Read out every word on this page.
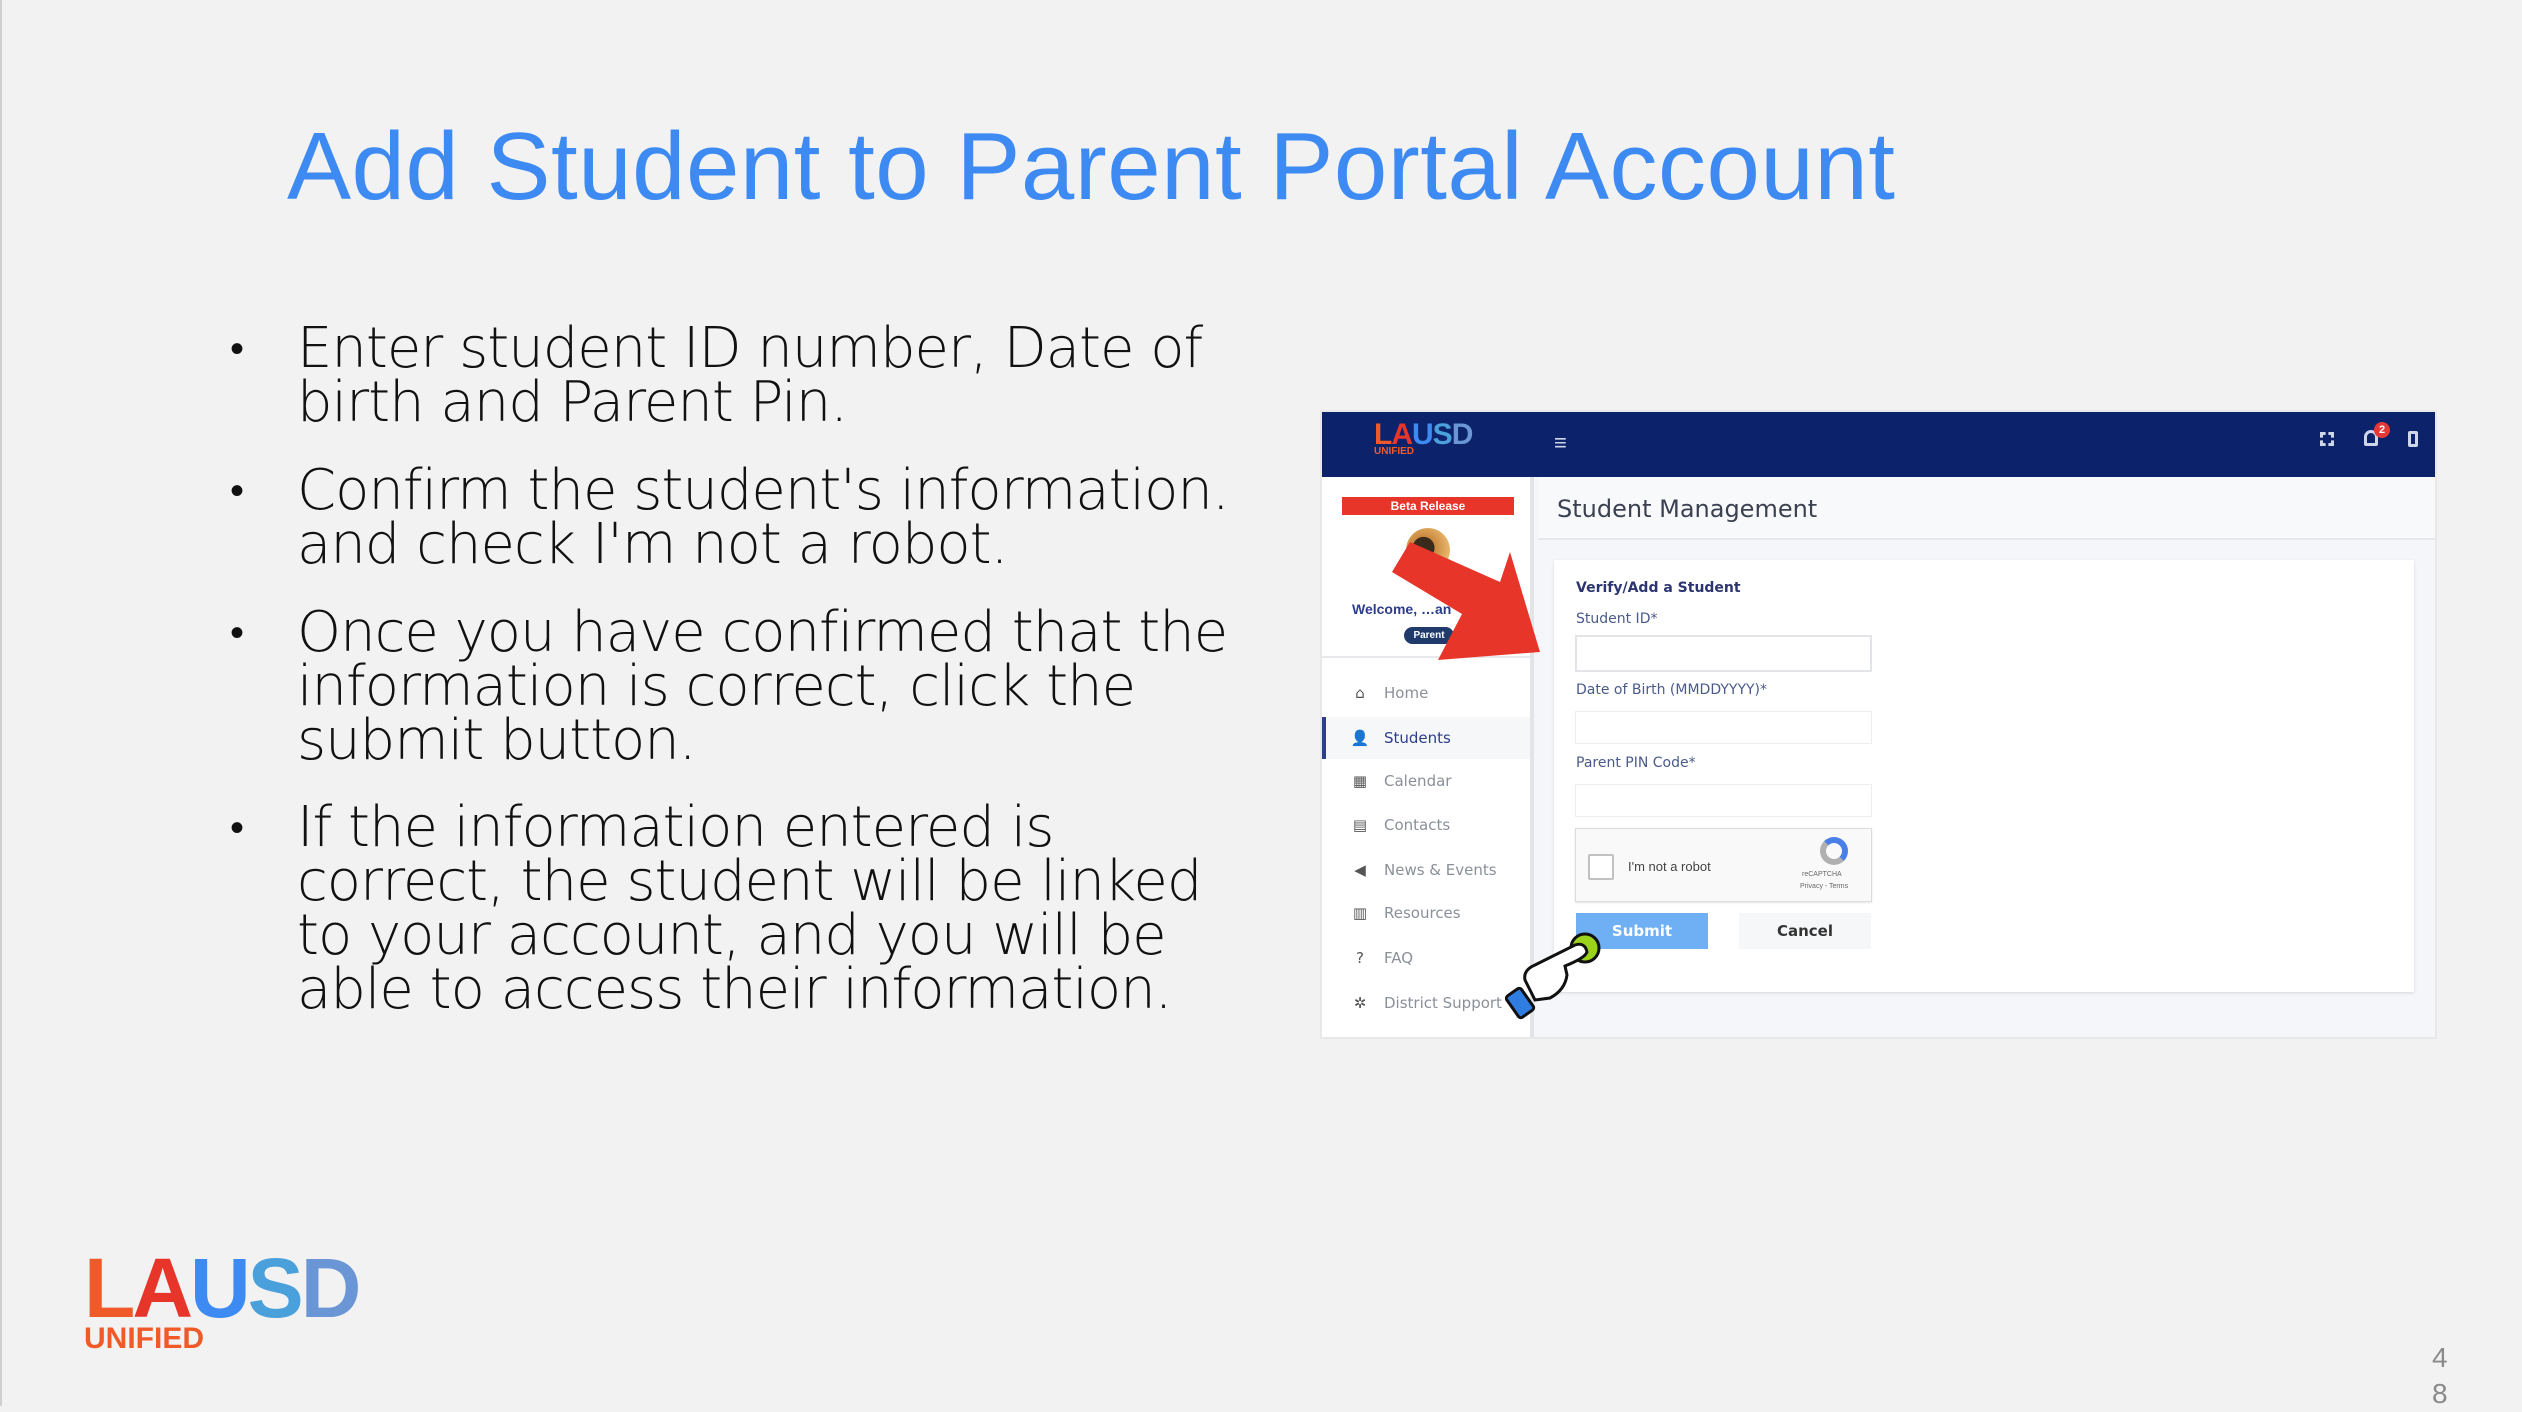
Add Student to Parent Portal Account
• Enter student ID number, Date of
birth and Parent Pin.
• Confirm the student's information.
and check I'm not a robot.
• Once you have confirmed that the
information is correct, click the
submit button.
• If the information entered is
correct, the student will be linked
to your account, and you will be
able to access their information.
LAUSD
UNIFIED	≡	2
Beta Release
Welcome, …an
Parent
⌂	Home
👤 Students
▦ Calendar
▤ Contacts
◀ News & Events
▥ Resources
?	FAQ
✲ District Support
Student Management
Verify/Add a Student
Student ID*
Date of Birth (MMDDYYYY)*
Parent PIN Code*
I'm not a robot
reCAPTCHA
Privacy - Terms
Submit	Cancel
LAUSD
UNIFIED
4
8
